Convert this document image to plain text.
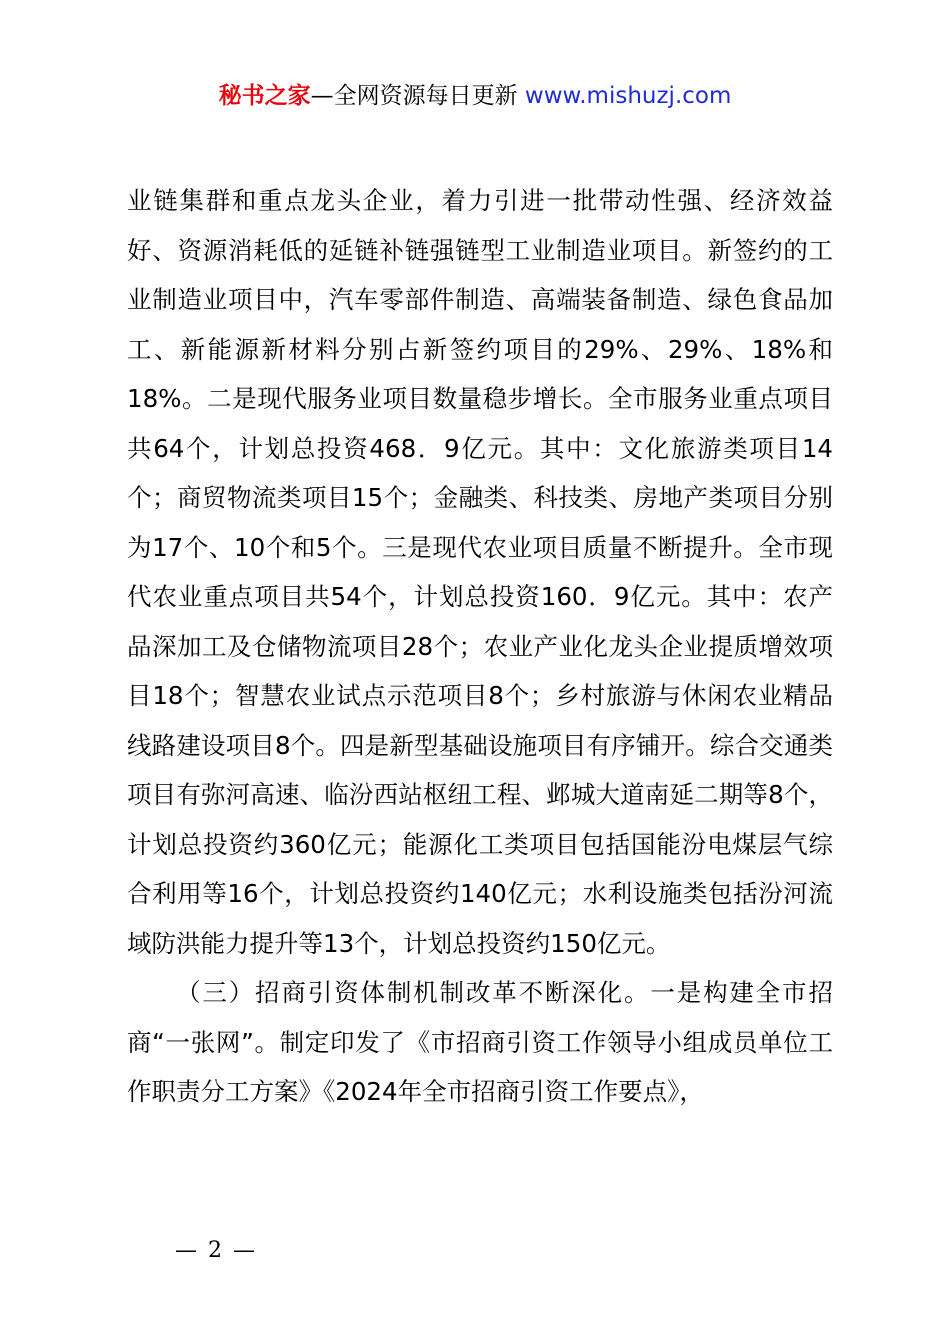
秘书之家—全网资源每日更新 www.mishuzj.com

业链集群和重点龙头企业，着力引进一批带动性强、经济效益好、资源消耗低的延链补链强链型工业制造业项目。新签约的工业制造业项目中，汽车零部件制造、高端装备制造、绿色食品加工、新能源新材料分别占新签约项目的29%、29%、18%和18%。二是现代服务业项目数量稳步增长。全市服务业重点项目共64个，计划总投资468．9亿元。其中：文化旅游类项目14个；商贸物流类项目15个；金融类、科技类、房地产类项目分别为17个、10个和5个。三是现代农业项目质量不断提升。全市现代农业重点项目共54个，计划总投资160．9亿元。其中：农产品深加工及仓储物流项目28个；农业产业化龙头企业提质增效项目18个；智慧农业试点示范项目8个；乡村旅游与休闲农业精品线路建设项目8个。四是新型基础设施项目有序铺开。综合交通类项目有弥河高速、临汾西站枢纽工程、邺城大道南延二期等8个，计划总投资约360亿元；能源化工类项目包括国能汾电煤层气综合利用等16个，计划总投资约140亿元；水利设施类包括汾河流域防洪能力提升等13个，计划总投资约150亿元。

（三）招商引资体制机制改革不断深化。一是构建全市招商“一张网”。制定印发了《市招商引资工作领导小组成员单位工作职责分工方案》《2024年全市招商引资工作要点》，

— 2 —
